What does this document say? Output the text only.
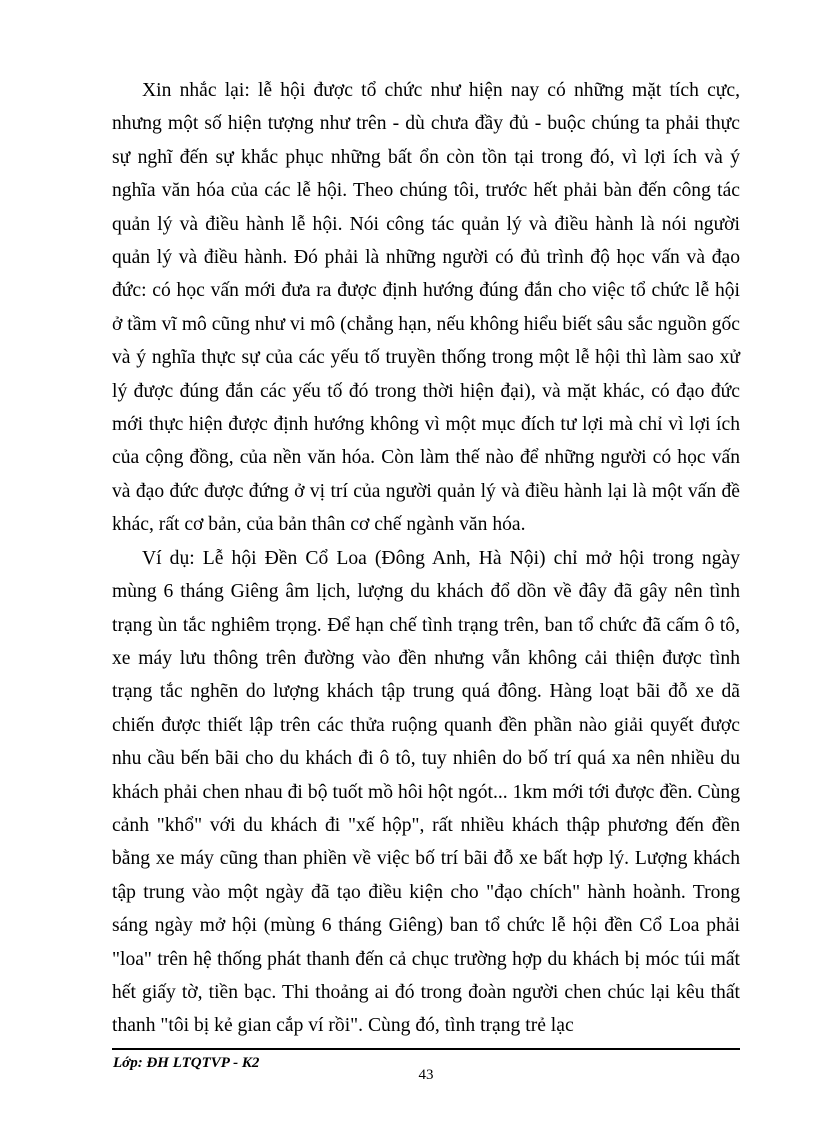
Xin nhắc lại: lễ hội được tổ chức như hiện nay có những mặt tích cực, nhưng một số hiện tượng như trên - dù chưa đầy đủ - buộc chúng ta phải thực sự nghĩ đến sự khắc phục những bất ổn còn tồn tại trong đó, vì lợi ích và ý nghĩa văn hóa của các lễ hội. Theo chúng tôi, trước hết phải bàn đến công tác quản lý và điều hành lễ hội. Nói công tác quản lý và điều hành là nói người quản lý và điều hành. Đó phải là những người có đủ trình độ học vấn và đạo đức: có học vấn mới đưa ra được định hướng đúng đắn cho việc tổ chức lễ hội ở tầm vĩ mô cũng như vi mô (chẳng hạn, nếu không hiểu biết sâu sắc nguồn gốc và ý nghĩa thực sự của các yếu tố truyền thống trong một lễ hội thì làm sao xử lý được đúng đắn các yếu tố đó trong thời hiện đại), và mặt khác, có đạo đức mới thực hiện được định hướng không vì một mục đích tư lợi mà chỉ vì lợi ích của cộng đồng, của nền văn hóa. Còn làm thế nào để những người có học vấn và đạo đức được đứng ở vị trí của người quản lý và điều hành lại là một vấn đề khác, rất cơ bản, của bản thân cơ chế ngành văn hóa.

Ví dụ: Lễ hội Đền Cổ Loa (Đông Anh, Hà Nội) chỉ mở hội trong ngày mùng 6 tháng Giêng âm lịch, lượng du khách đổ dồn về đây đã gây nên tình trạng ùn tắc nghiêm trọng. Để hạn chế tình trạng trên, ban tổ chức đã cấm ô tô, xe máy lưu thông trên đường vào đền nhưng vẫn không cải thiện được tình trạng tắc nghẽn do lượng khách tập trung quá đông. Hàng loạt bãi đỗ xe dã chiến được thiết lập trên các thửa ruộng quanh đền phần nào giải quyết được nhu cầu bến bãi cho du khách đi ô tô, tuy nhiên do bố trí quá xa nên nhiều du khách phải chen nhau đi bộ tuốt mồ hôi hột ngót... 1km mới tới được đền. Cùng cảnh "khổ" với du khách đi "xế hộp", rất nhiều khách thập phương đến đền bằng xe máy cũng than phiền về việc bố trí bãi đỗ xe bất hợp lý. Lượng khách tập trung vào một ngày đã tạo điều kiện cho "đạo chích" hành hoành. Trong sáng ngày mở hội (mùng 6 tháng Giêng) ban tổ chức lễ hội đền Cổ Loa phải "loa" trên hệ thống phát thanh đến cả chục trường hợp du khách bị móc túi mất hết giấy tờ, tiền bạc. Thi thoảng ai đó trong đoàn người chen chúc lại kêu thất thanh "tôi bị kẻ gian cắp ví rồi". Cùng đó, tình trạng trẻ lạc

Lớp: ĐH LTQTVP - K2
43
